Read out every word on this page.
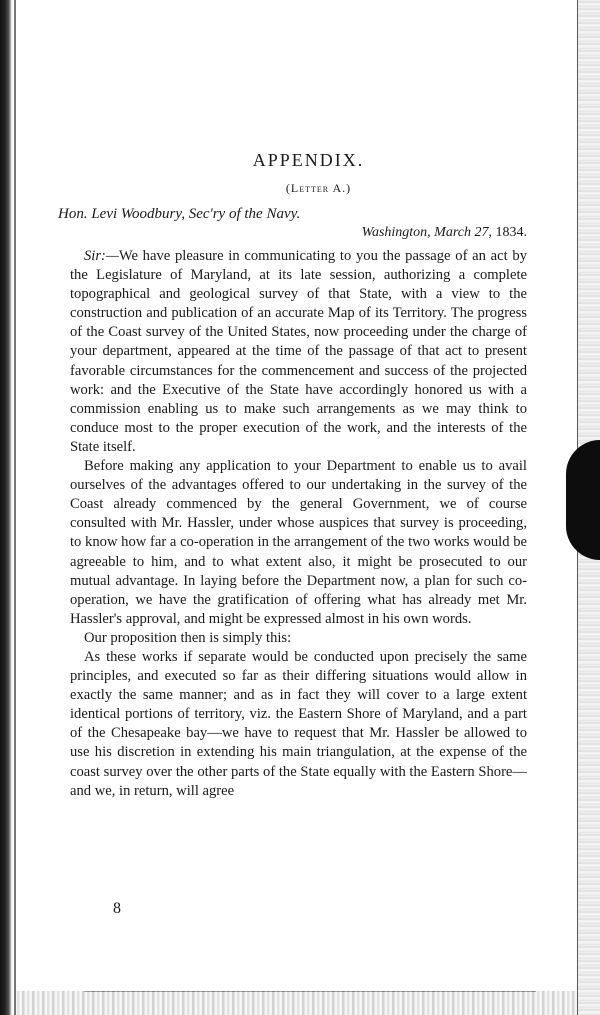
APPENDIX.
(Letter A.)
Hon. Levi Woodbury, Sec'ry of the Navy.
Washington, March 27, 1834.

Sir:—We have pleasure in communicating to you the passage of an act by the Legislature of Maryland, at its late session, authorizing a complete topographical and geological survey of that State, with a view to the construction and publication of an accurate Map of its Territory. The progress of the Coast survey of the United States, now proceeding under the charge of your department, appeared at the time of the passage of that act to present favorable circumstances for the commencement and success of the projected work: and the Executive of the State have accordingly honored us with a commission enabling us to make such arrangements as we may think to conduce most to the proper execution of the work, and the interests of the State itself.

Before making any application to your Department to enable us to avail ourselves of the advantages offered to our undertaking in the survey of the Coast already commenced by the general Government, we of course consulted with Mr. Hassler, under whose auspices that survey is proceeding, to know how far a co-operation in the arrangement of the two works would be agreeable to him, and to what extent also, it might be prosecuted to our mutual advantage. In laying before the Department now, a plan for such co-operation, we have the gratification of offering what has already met Mr. Hassler's approval, and might be expressed almost in his own words.

Our proposition then is simply this:

As these works if separate would be conducted upon precisely the same principles, and executed so far as their differing situations would allow in exactly the same manner; and as in fact they will cover to a large extent identical portions of territory, viz. the Eastern Shore of Maryland, and a part of the Chesapeake bay—we have to request that Mr. Hassler be allowed to use his discretion in extending his main triangulation, at the expense of the coast survey over the other parts of the State equally with the Eastern Shore—and we, in return, will agree

8
